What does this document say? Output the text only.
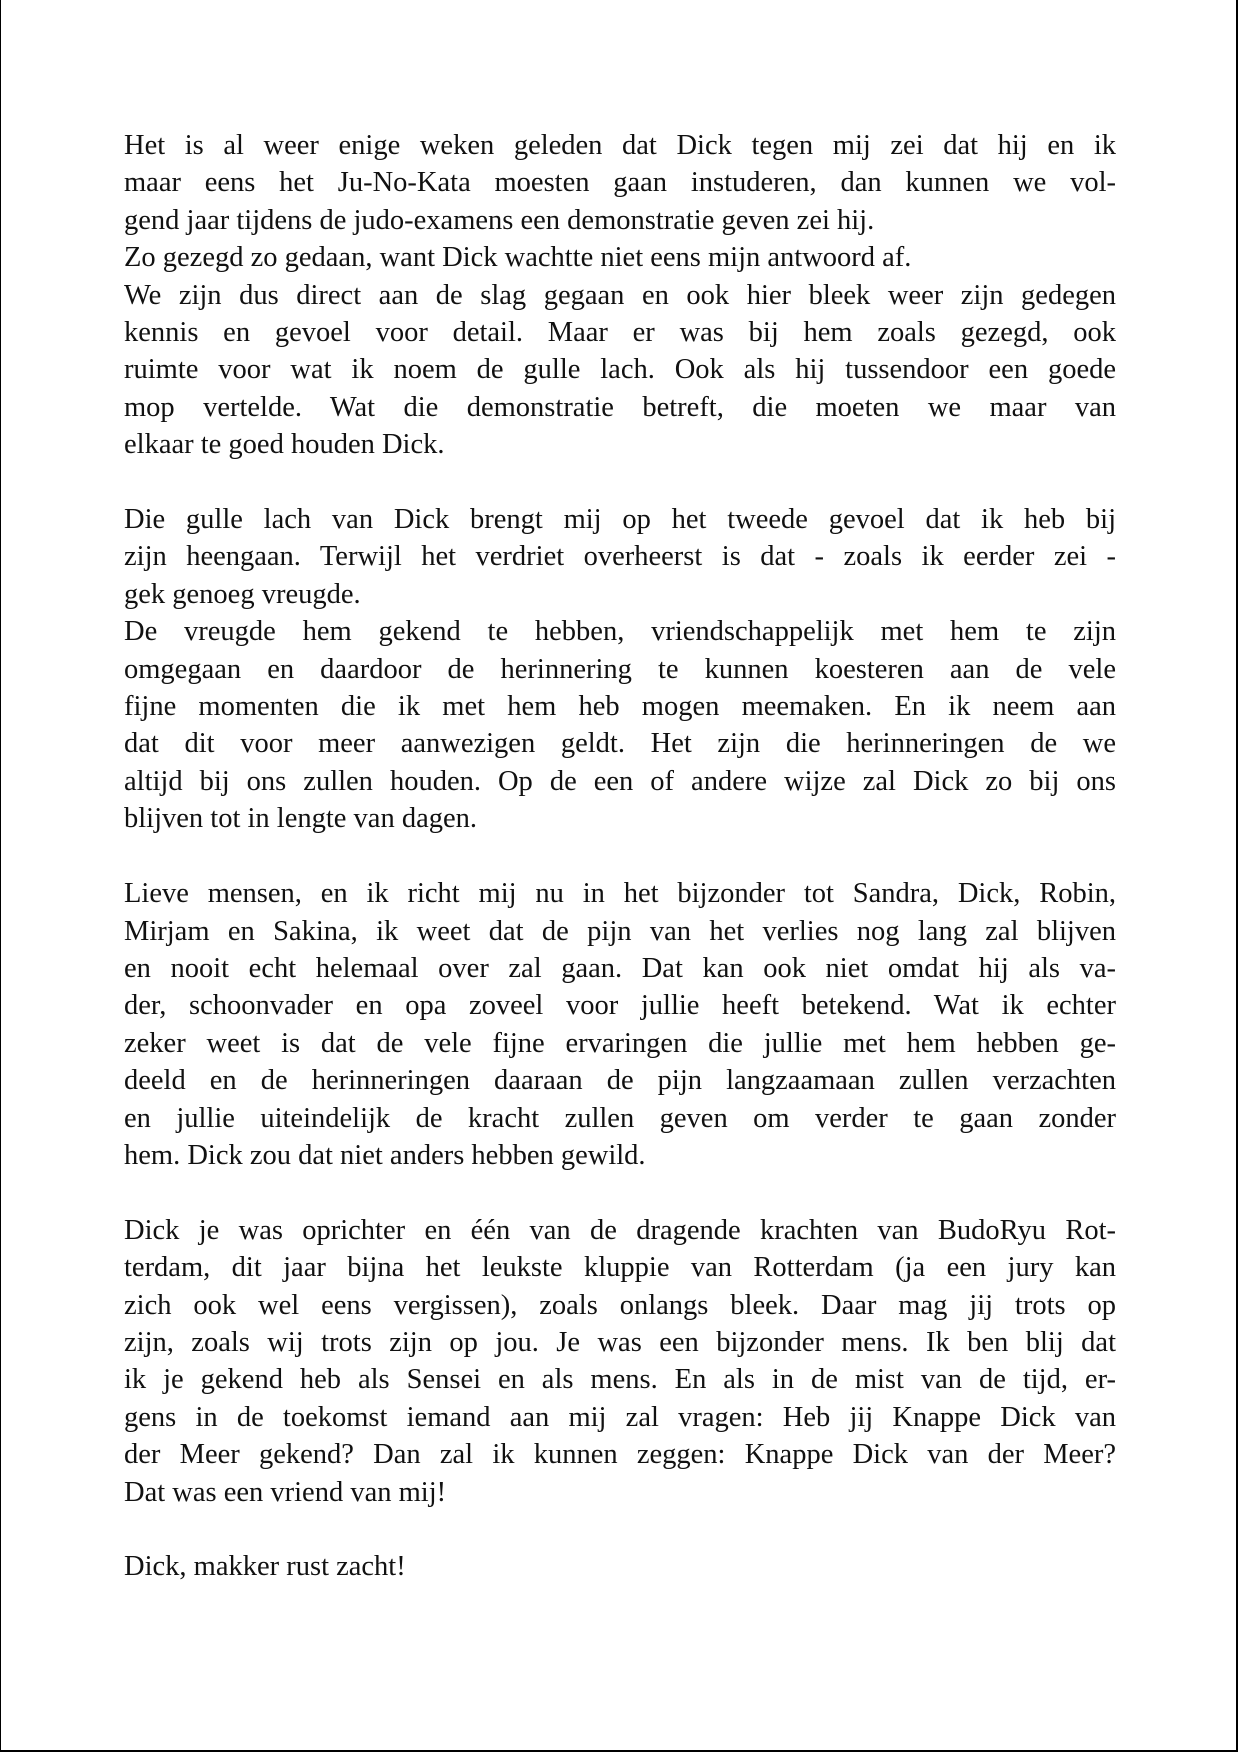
Het is al weer enige weken geleden dat Dick tegen mij zei dat hij en ik
maar eens het Ju-No-Kata moesten gaan instuderen, dan kunnen we vol-
gend jaar tijdens de judo-examens een demonstratie geven zei hij.
Zo gezegd zo gedaan, want Dick wachtte niet eens mijn antwoord af.
We zijn dus direct aan de slag gegaan en ook hier bleek weer zijn gedegen
kennis en gevoel voor detail. Maar er was bij hem zoals gezegd, ook
ruimte voor wat ik noem de gulle lach. Ook als hij tussendoor een goede
mop vertelde. Wat die demonstratie betreft, die moeten we maar van
elkaar te goed houden Dick.
Die gulle lach van Dick brengt mij op het tweede gevoel dat ik heb bij
zijn heengaan. Terwijl het verdriet overheerst is dat - zoals ik eerder zei -
gek genoeg vreugde.
De vreugde hem gekend te hebben, vriendschappelijk met hem te zijn
omgegaan en daardoor de herinnering te kunnen koesteren aan de vele
fijne momenten die ik met hem heb mogen meemaken. En ik neem aan
dat dit voor meer aanwezigen geldt. Het zijn die herinneringen de we
altijd bij ons zullen houden. Op de een of andere wijze zal Dick zo bij ons
blijven tot in lengte van dagen.
Lieve mensen, en ik richt mij nu in het bijzonder tot Sandra, Dick, Robin,
Mirjam en Sakina, ik weet dat de pijn van het verlies nog lang zal blijven
en nooit echt helemaal over zal gaan. Dat kan ook niet omdat hij als va-
der, schoonvader en opa zoveel voor jullie heeft betekend. Wat ik echter
zeker weet is dat de vele fijne ervaringen die jullie met hem hebben ge-
deeld en de herinneringen daaraan de pijn langzaamaan zullen verzachten
en jullie uiteindelijk de kracht zullen geven om verder te gaan zonder
hem. Dick zou dat niet anders hebben gewild.
Dick je was oprichter en één van de dragende krachten van BudoRyu Rot-
terdam, dit jaar bijna het leukste kluppie van Rotterdam (ja een jury kan
zich ook wel eens vergissen), zoals onlangs bleek. Daar mag jij trots op
zijn, zoals wij trots zijn op jou. Je was een bijzonder mens. Ik ben blij dat
ik je gekend heb als Sensei en als mens. En als in de mist van de tijd, er-
gens in de toekomst iemand aan mij zal vragen: Heb jij Knappe Dick van
der Meer gekend? Dan zal ik kunnen zeggen: Knappe Dick van der Meer?
Dat was een vriend van mij!
Dick, makker rust zacht!
